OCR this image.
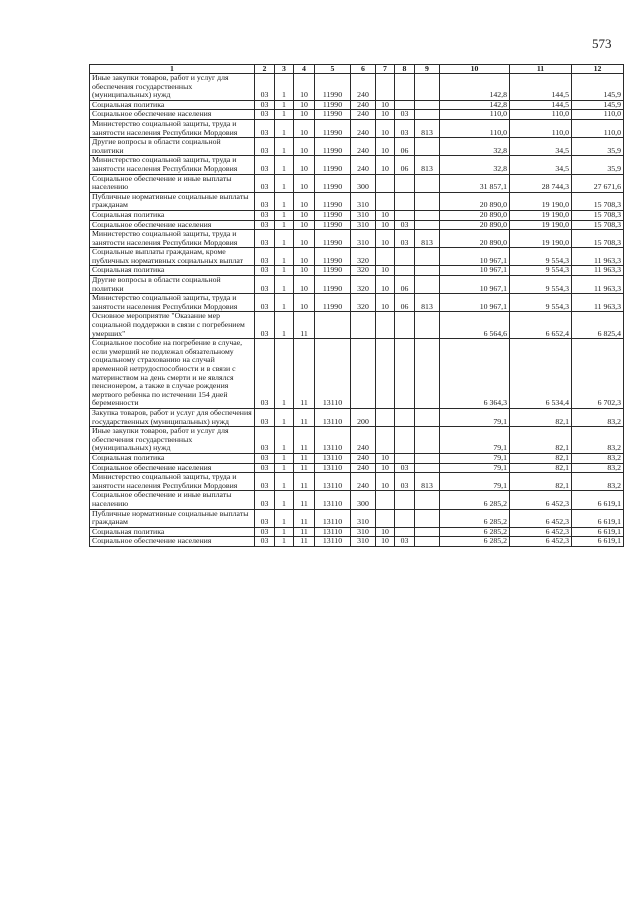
573
1	2	3	4	5	6	7	8	9	10	11	12
Иные закупки товаров, работ и услуг для обеспечения государственных (муниципальных) нужд	03	1	10	11990	240				142,8	144,5	145,9
Социальная политика	03	1	10	11990	240	10			142,8	144,5	145,9
Социальное обеспечение населения	03	1	10	11990	240	10	03		110,0	110,0	110,0
Министерство социальной защиты, труда и занятости населения Республики Мордовия	03	1	10	11990	240	10	03	813	110,0	110,0	110,0
Другие вопросы в области социальной политики	03	1	10	11990	240	10	06		32,8	34,5	35,9
Министерство социальной защиты, труда и занятости населения Республики Мордовия	03	1	10	11990	240	10	06	813	32,8	34,5	35,9
Социальное обеспечение и иные выплаты населению	03	1	10	11990	300				31 857,1	28 744,3	27 671,6
Публичные нормативные социальные выплаты гражданам	03	1	10	11990	310				20 890,0	19 190,0	15 708,3
Социальная политика	03	1	10	11990	310	10			20 890,0	19 190,0	15 708,3
Социальное обеспечение населения	03	1	10	11990	310	10	03		20 890,0	19 190,0	15 708,3
Министерство социальной защиты, труда и занятости населения Республики Мордовия	03	1	10	11990	310	10	03	813	20 890,0	19 190,0	15 708,3
Социальные выплаты гражданам, кроме публичных нормативных социальных выплат	03	1	10	11990	320				10 967,1	9 554,3	11 963,3
Социальная политика	03	1	10	11990	320	10			10 967,1	9 554,3	11 963,3
Другие вопросы в области социальной политики	03	1	10	11990	320	10	06		10 967,1	9 554,3	11 963,3
Министерство социальной защиты, труда и занятости населения Республики Мордовия	03	1	10	11990	320	10	06	813	10 967,1	9 554,3	11 963,3
Основное мероприятие "Оказание мер социальной поддержки в связи с погребением умерших"	03	1	11						6 564,6	6 652,4	6 825,4
Социальное пособие на погребение в случае, если умерший не подлежал обязательному социальному страхованию на случай временной нетрудоспособности и в связи с материнством на день смерти и не являлся пенсионером, а также в случае рождения мертвого ребенка по истечении 154 дней беременности	03	1	11	13110					6 364,3	6 534,4	6 702,3
Закупка товаров, работ и услуг для обеспечения государственных (муниципальных) нужд	03	1	11	13110	200				79,1	82,1	83,2
Иные закупки товаров, работ и услуг для обеспечения государственных (муниципальных) нужд	03	1	11	13110	240				79,1	82,1	83,2
Социальная политика	03	1	11	13110	240	10			79,1	82,1	83,2
Социальное обеспечение населения	03	1	11	13110	240	10	03		79,1	82,1	83,2
Министерство социальной защиты, труда и занятости населения Республики Мордовия	03	1	11	13110	240	10	03	813	79,1	82,1	83,2
Социальное обеспечение и иные выплаты населению	03	1	11	13110	300				6 285,2	6 452,3	6 619,1
Публичные нормативные социальные выплаты гражданам	03	1	11	13110	310				6 285,2	6 452,3	6 619,1
Социальная политика	03	1	11	13110	310	10			6 285,2	6 452,3	6 619,1
Социальное обеспечение населения	03	1	11	13110	310	10	03		6 285,2	6 452,3	6 619,1
